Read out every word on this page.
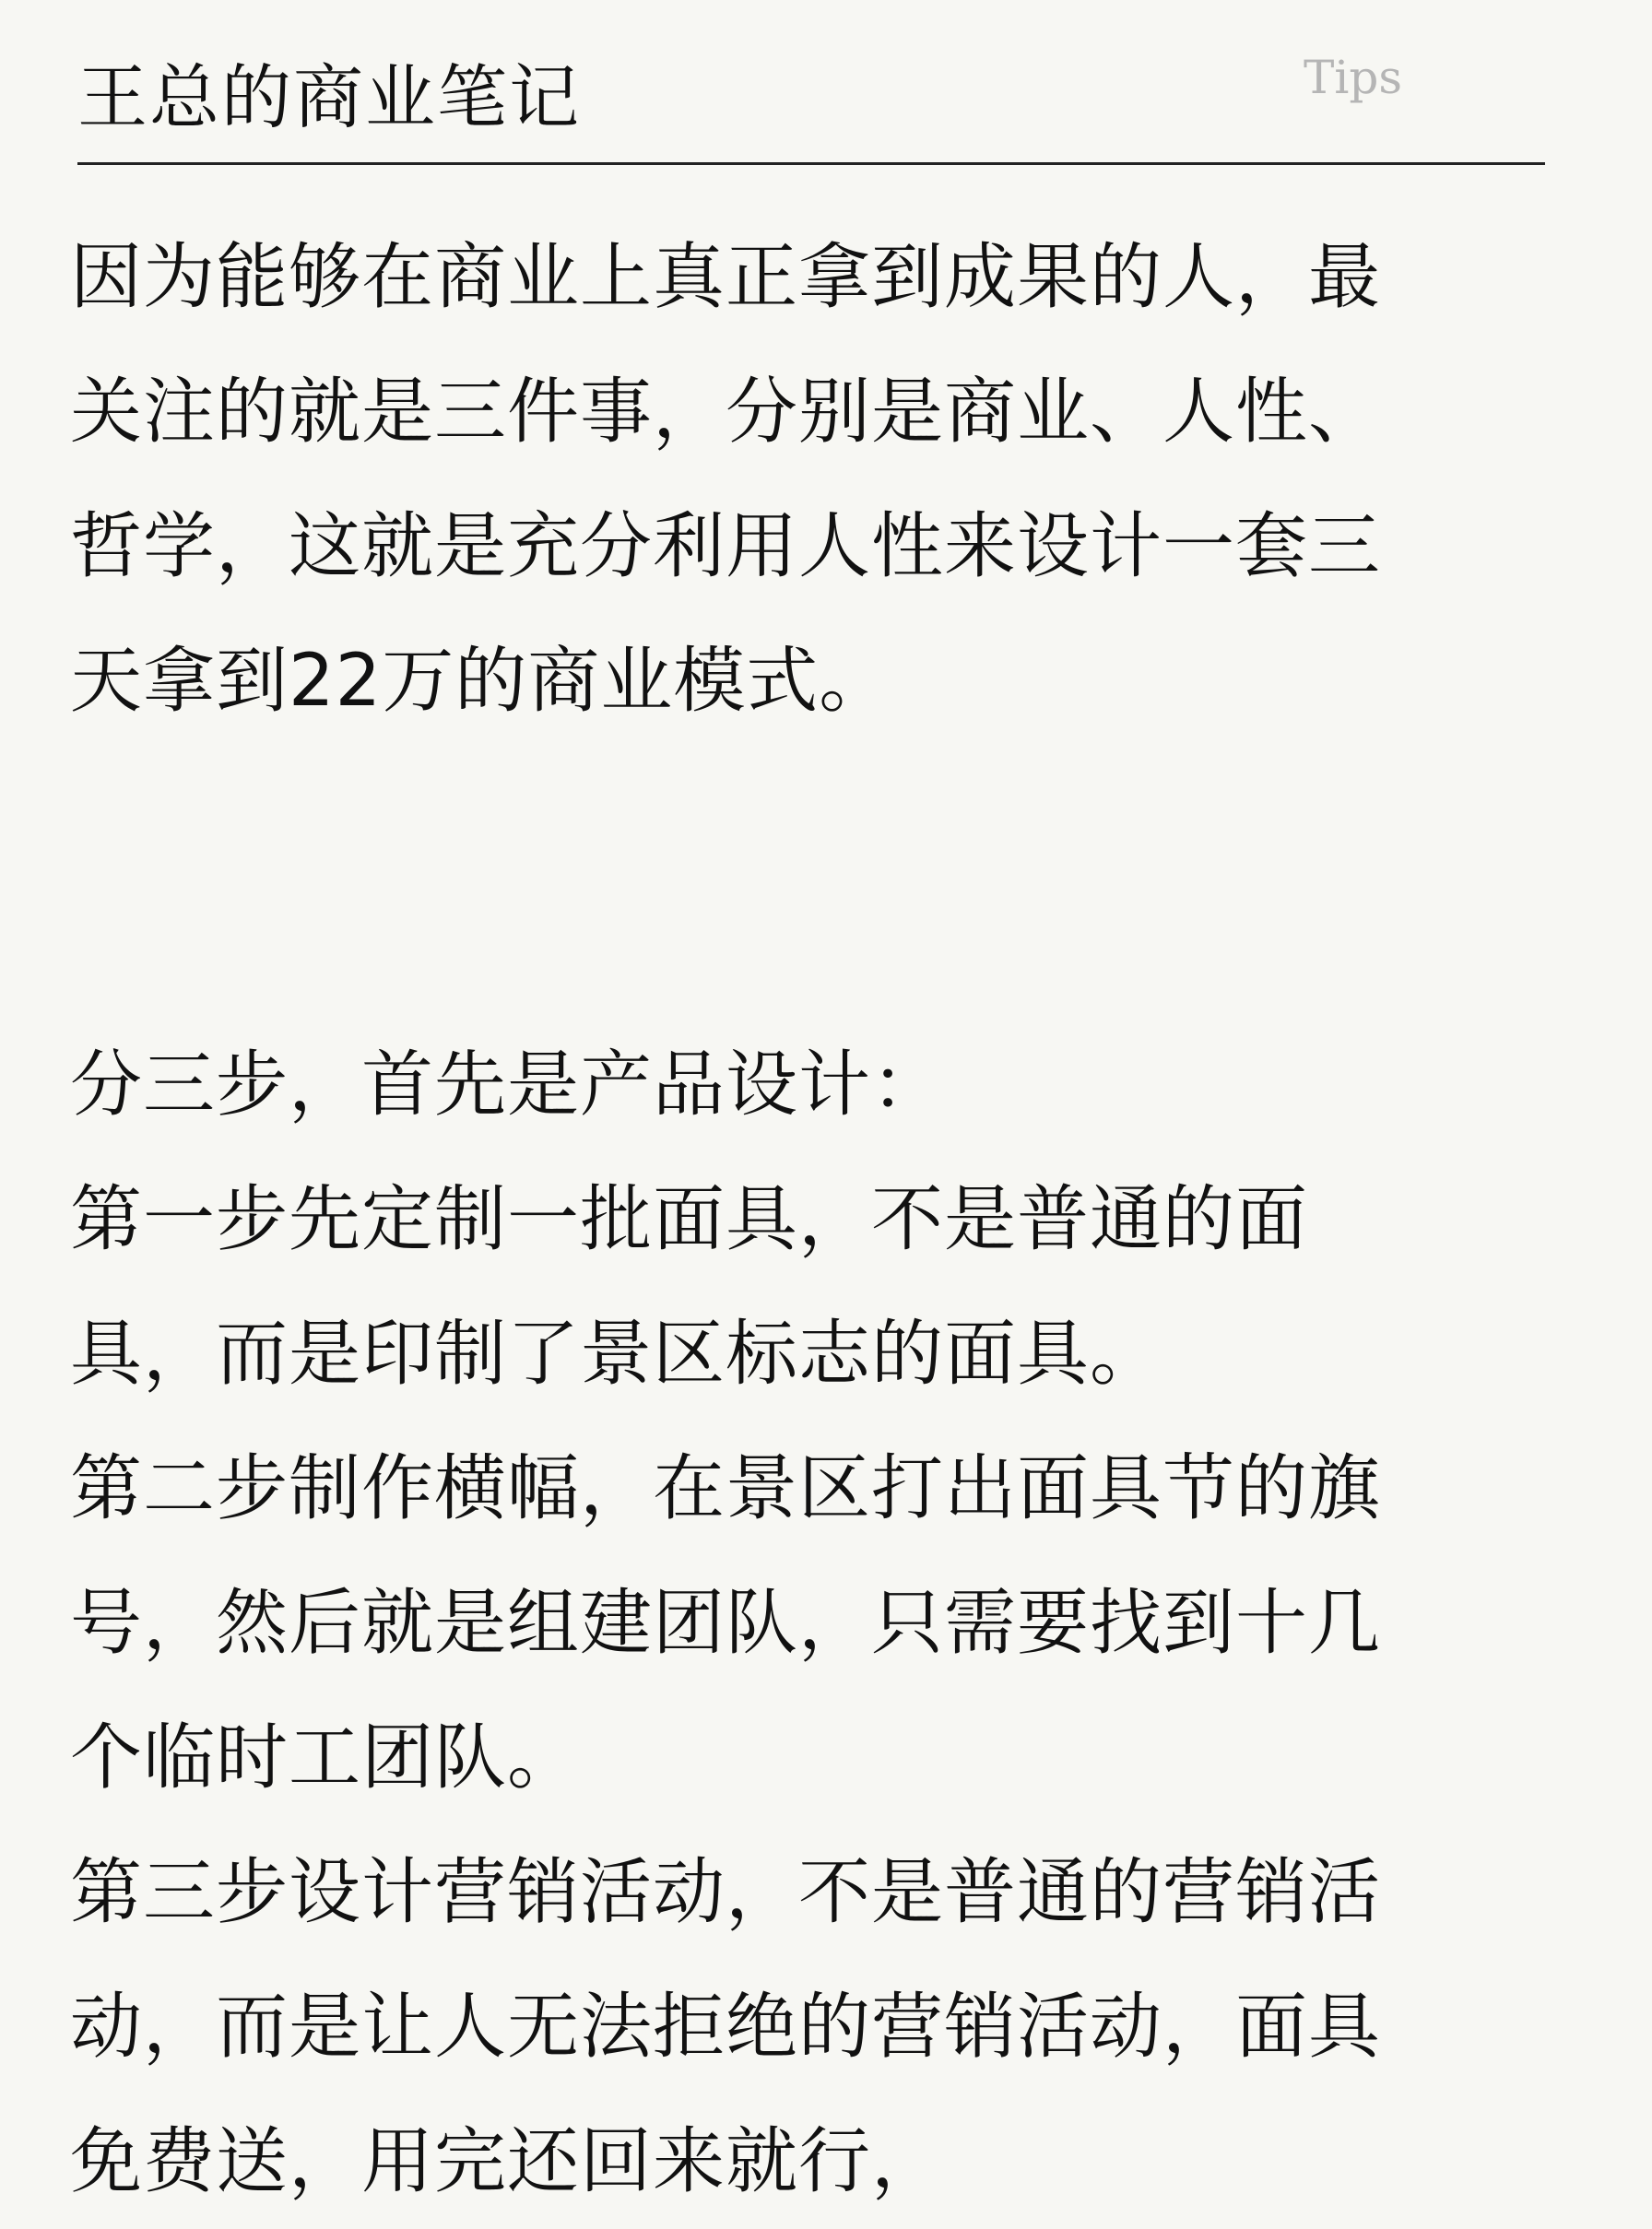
王总的商业笔记	Tips
因为能够在商业上真正拿到成果的人，最
关注的就是三件事，分别是商业、人性、
哲学，这就是充分利用人性来设计一套三
天拿到22万的商业模式。
分三步，首先是产品设计：
第一步先定制一批面具，不是普通的面
具，而是印制了景区标志的面具。
第二步制作横幅，在景区打出面具节的旗
号，然后就是组建团队，只需要找到十几
个临时工团队。
第三步设计营销活动，不是普通的营销活
动，而是让人无法拒绝的营销活动，面具
免费送，用完还回来就行，
